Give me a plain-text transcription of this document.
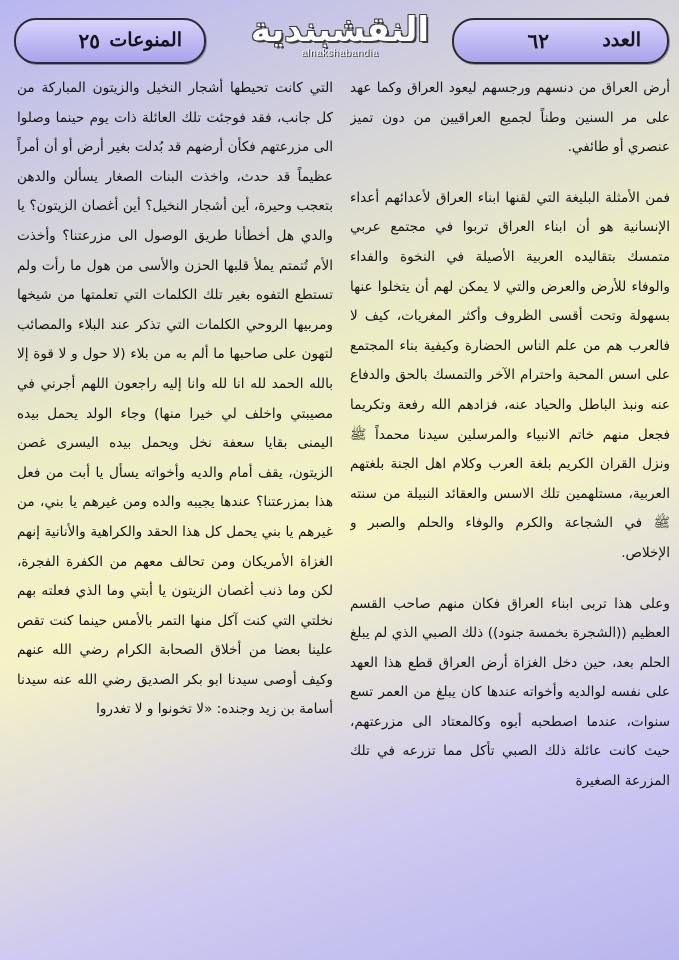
المنوعات
٢٥	النقشبندية
alnakshabandia
العدد
٦٢

أرض العراق من دنسهم ورجسهم ليعود العراق وكما عهد على مر السنين وطناً لجميع العراقيين من دون تميز عنصري أو طائفي.

فمن الأمثلة البليغة التي لقنها ابناء العراق لأعدائهم أعداء الإنسانية هو أن ابناء العراق تربوا في مجتمع عربي متمسك بتقاليده العربية الأصيلة في النخوة والفداء والوفاء للأرض والعرض والتي لا يمكن لهم أن يتخلوا عنها بسهولة وتحت أقسى الظروف وأكثر المغريات، كيف لا فالعرب هم من علم الناس الحضارة وكيفية بناء المجتمع على اسس المحبة واحترام الآخر والتمسك بالحق والدفاع عنه ونبذ الباطل والحياد عنه، فزادهم الله رفعة وتكريما فجعل منهم خاتم الانبياء والمرسلين سيدنا محمداً ﷺ ونزل القران الكريم بلغة العرب وكلام اهل الجنة بلغتهم العربية، مستلهمين تلك الاسس والعقائد النبيلة من سنته ﷺ في الشجاعة والكرم والوفاء والحلم والصبر و الإخلاص.

وعلى هذا تربى ابناء العراق فكان منهم صاحب القسم العظيم ((الشجرة بخمسة جنود)) ذلك الصبي الذي لم يبلغ الحلم بعد، حين دخل الغزاة أرض العراق قطع هذا العهد على نفسه لوالديه وأخواته عندها كان يبلغ من العمر تسع سنوات، عندما اصطحبه أبوه وكالمعتاد الى مزرعتهم، حيث كانت عائلة ذلك الصبي تأكل مما تزرعه في تلك المزرعة الصغيرة

التي كانت تحيطها أشجار النخيل والزيتون المباركة من كل جانب، فقد فوجئت تلك العائلة ذات يوم حينما وصلوا الى مزرعتهم فكأن أرضهم قد بُدلت بغير أرض أو أن أمراً عظيماً قد حدث، واخذت البنات الصغار يسألن والدهن بتعجب وحيرة، أين أشجار النخيل؟ أين أغصان الزيتون؟ يا والدي هل أخطأنا طريق الوصول الى مزرعتنا؟ وأخذت الأم تُتمتم يملأ قلبها الحزن والأسى من هول ما رأت ولم تستطع التفوه بغير تلك الكلمات التي تعلمتها من شيخها ومربيها الروحي الكلمات التي تذكر عند البلاء والمصائب لتهون على صاحبها ما ألم به من بلاء (لا حول و لا قوة إلا بالله الحمد لله انا لله وانا إليه راجعون اللهم أجرني في مصيبتي واخلف لي خيرا منها) وجاء الولد يحمل بيده اليمنى بقايا سعفة نخل ويحمل بيده اليسرى غصن الزيتون، يقف أمام والديه وأخواته يسأل يا أبت من فعل هذا بمزرعتنا؟ عندها يجيبه والده ومن غيرهم يا بني، من غيرهم يا بني يحمل كل هذا الحقد والكراهية والأنانية إنهم الغزاة الأمريكان ومن تحالف معهم من الكفرة الفجرة، لكن وما ذنب أغصان الزيتون يا أبتي وما الذي فعلته بهم نخلتي التي كنت آكل منها التمر بالأمس حينما كنت تقص علينا بعضا من أخلاق الصحابة الكرام رضي الله عنهم وكيف أوصى سيدنا ابو بكر الصديق رضي الله عنه سيدنا أسامة بن زيد وجنده: «لا تخونوا و لا تغدروا
